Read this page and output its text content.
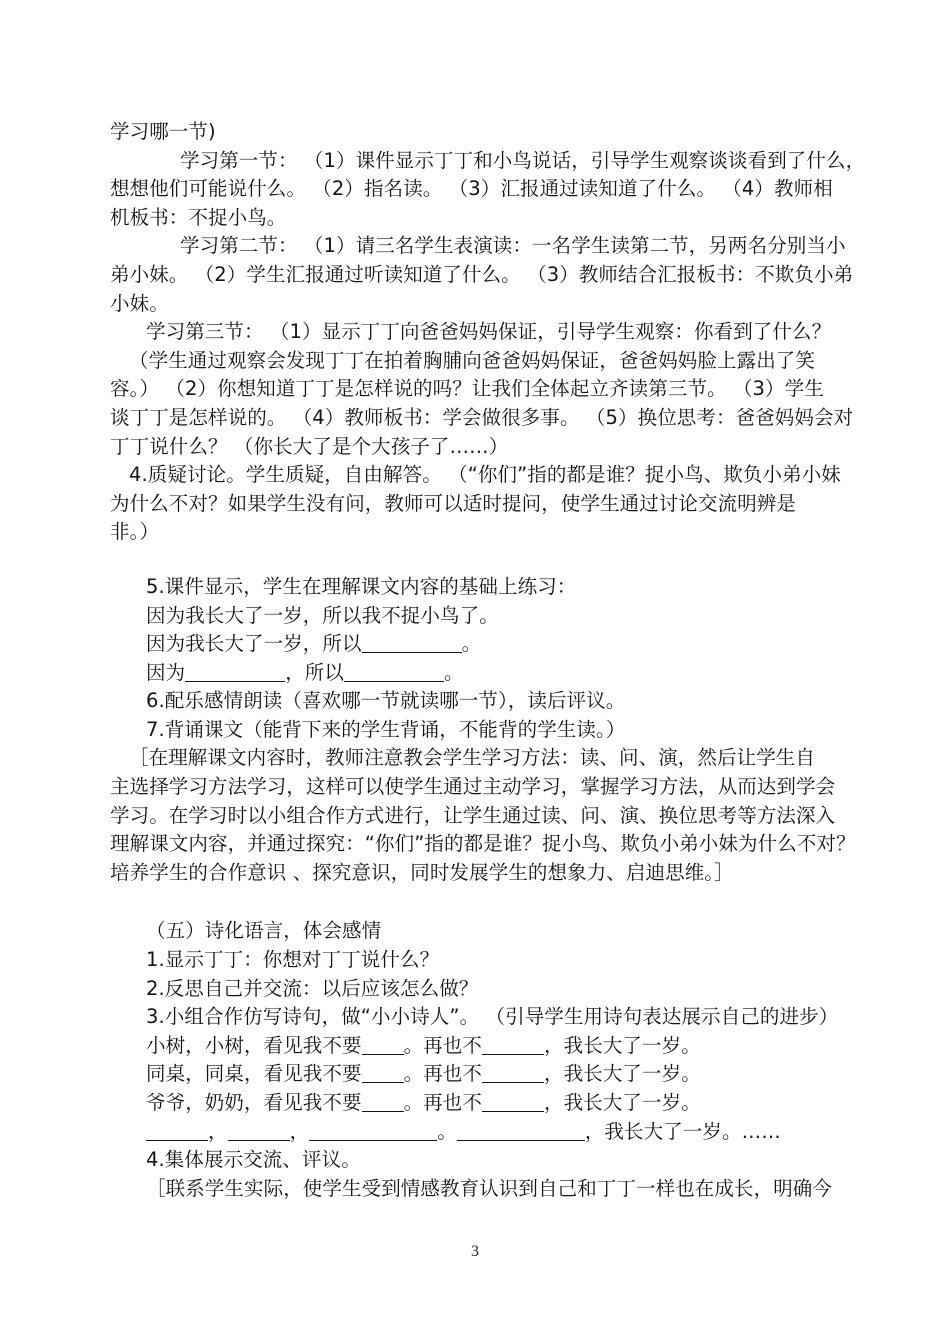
学习哪一节)
学习第一节： （1）课件显示丁丁和小鸟说话，引导学生观察谈谈看到了什么，
想想他们可能说什么。 （2）指名读。 （3）汇报通过读知道了什么。 （4）教师相
机板书：不捉小鸟。
学习第二节： （1）请三名学生表演读：一名学生读第二节，另两名分别当小
弟小妹。 （2）学生汇报通过听读知道了什么。 （3）教师结合汇报板书：不欺负小弟
小妹。
学习第三节： （1）显示丁丁向爸爸妈妈保证，引导学生观察：你看到了什么？
（学生通过观察会发现丁丁在拍着胸脯向爸爸妈妈保证，爸爸妈妈脸上露出了笑
容。） （2）你想知道丁丁是怎样说的吗？让我们全体起立齐读第三节。 （3）学生
谈丁丁是怎样说的。 （4）教师板书：学会做很多事。 （5）换位思考：爸爸妈妈会对
丁丁说什么？ （你长大了是个大孩子了……）
4.质疑讨论。学生质疑，自由解答。 （“你们”指的都是谁？捉小鸟、欺负小弟小妹
为什么不对？如果学生没有问，教师可以适时提问，使学生通过讨论交流明辨是
非。）
5.课件显示，学生在理解课文内容的基础上练习：
因为我长大了一岁，所以我不捉小鸟了。
因为我长大了一岁，所以	。
因为	，所以	。
6.配乐感情朗读（喜欢哪一节就读哪一节），读后评议。
7.背诵课文（能背下来的学生背诵，不能背的学生读。）
［在理解课文内容时，教师注意教会学生学习方法：读、问、演，然后让学生自
主选择学习方法学习，这样可以使学生通过主动学习，掌握学习方法，从而达到学会
学习。在学习时以小组合作方式进行，让学生通过读、问、演、换位思考等方法深入
理解课文内容，并通过探究：“你们”指的都是谁？捉小鸟、欺负小弟小妹为什么不对？
培养学生的合作意识 、探究意识，同时发展学生的想象力、启迪思维。］
（五）诗化语言，体会感情
1.显示丁丁：你想对丁丁说什么？
2.反思自己并交流：以后应该怎么做？
3.小组合作仿写诗句，做“小小诗人”。 （引导学生用诗句表达展示自己的进步）
小树，小树，看见我不要 。再也不	，我长大了一岁。
同桌，同桌，看见我不要 。再也不	，我长大了一岁。
爷爷，奶奶，看见我不要 。再也不	，我长大了一岁。
，	，	。	，我长大了一岁。……
4.集体展示交流、评议。
［联系学生实际，使学生受到情感教育认识到自己和丁丁一样也在成长，明确今
3
